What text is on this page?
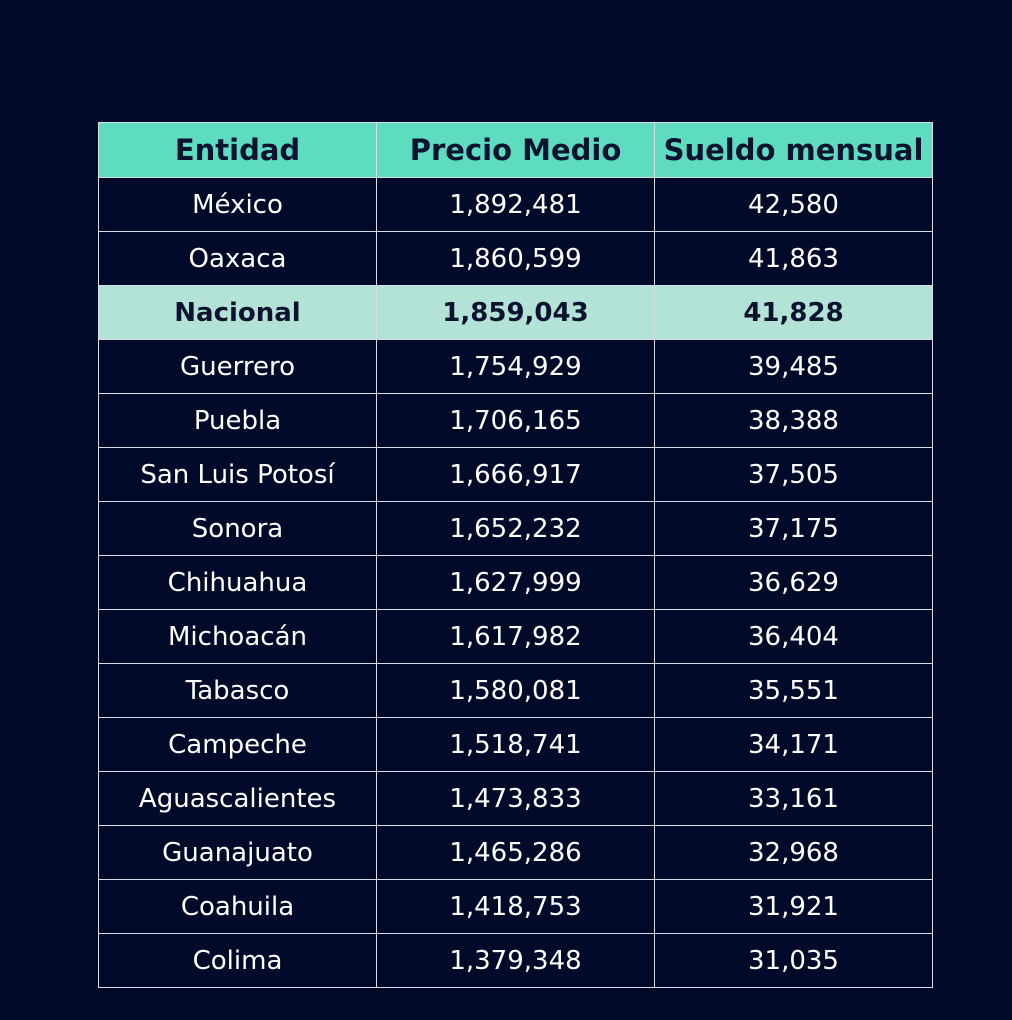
Entidad	Precio Medio	Sueldo mensual
México	1,892,481	42,580
Oaxaca	1,860,599	41,863
Nacional	1,859,043	41,828
Guerrero	1,754,929	39,485
Puebla	1,706,165	38,388
San Luis Potosí	1,666,917	37,505
Sonora	1,652,232	37,175
Chihuahua	1,627,999	36,629
Michoacán	1,617,982	36,404
Tabasco	1,580,081	35,551
Campeche	1,518,741	34,171
Aguascalientes	1,473,833	33,161
Guanajuato	1,465,286	32,968
Coahuila	1,418,753	31,921
Colima	1,379,348	31,035
